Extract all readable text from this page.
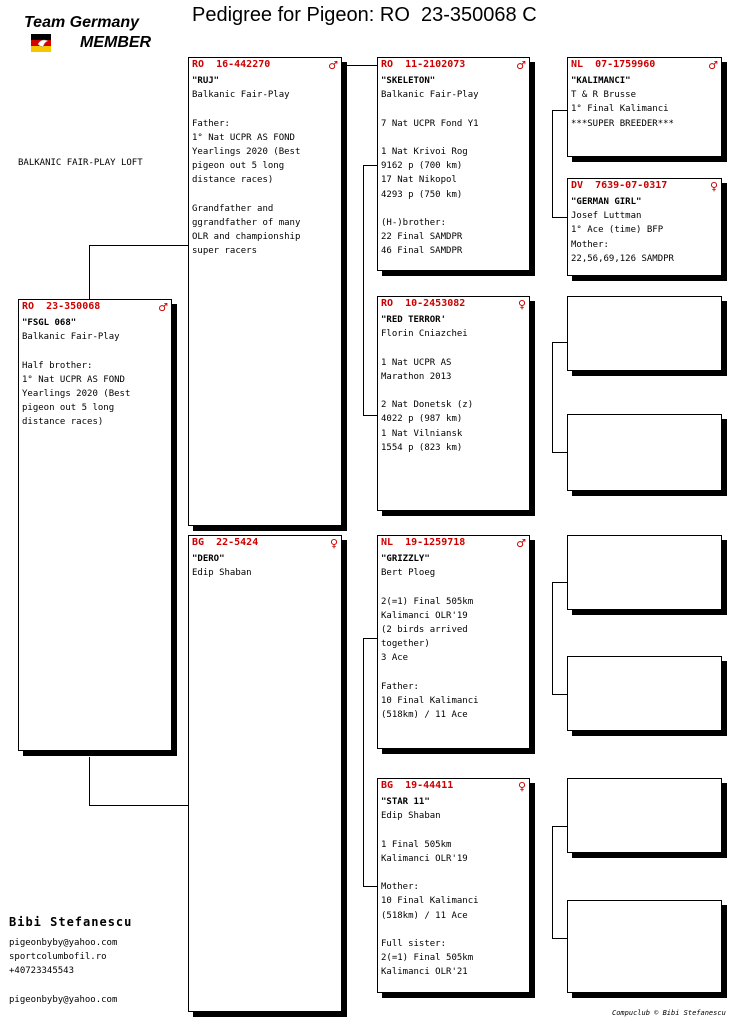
Team Germany
MEMBER
Pedigree for Pigeon: RO  23-350068 C
BALKANIC FAIR-PLAY LOFT
RO  23-350068	♂
"FSGL 068"
Balkanic Fair-Play

Half brother:
1° Nat UCPR AS FOND
Yearlings 2020 (Best
pigeon out 5 long
distance races)
RO  16-442270	♂
"RUJ"
Balkanic Fair-Play

Father:
1° Nat UCPR AS FOND
Yearlings 2020 (Best
pigeon out 5 long
distance races)

Grandfather and
ggrandfather of many
OLR and championship
super racers
BG  22-5424	♀
"DERO"
Edip Shaban
RO  11-2102073	♂
"SKELETON"
Balkanic Fair-Play

7 Nat UCPR Fond Y1

1 Nat Krivoi Rog
9162 p (700 km)
17 Nat Nikopol
4293 p (750 km)

(H-)brother:
22 Final SAMDPR
46 Final SAMDPR
RO  10-2453082	♀
"RED TERROR'
Florin Cniazchei

1 Nat UCPR AS
Marathon 2013

2 Nat Donetsk (z)
4022 p (987 km)
1 Nat Vilniansk
1554 p (823 km)
NL  19-1259718	♂
"GRIZZLY"
Bert Ploeg

2(=1) Final 505km
Kalimanci OLR'19
(2 birds arrived
together)
3 Ace

Father:
10 Final Kalimanci
(518km) / 11 Ace
BG  19-44411	♀
"STAR 11"
Edip Shaban

1 Final 505km
Kalimanci OLR'19

Mother:
10 Final Kalimanci
(518km) / 11 Ace

Full sister:
2(=1) Final 505km
Kalimanci OLR'21
NL  07-1759960	♂
"KALIMANCI"
T & R Brusse
1° Final Kalimanci
***SUPER BREEDER***
DV  7639-07-0317	♀
"GERMAN GIRL"
Josef Luttman
1° Ace (time) BFP
Mother:
22,56,69,126 SAMDPR
Bibi Stefanescu
pigeonbyby@yahoo.com
sportcolumbofil.ro
+40723345543
pigeonbyby@yahoo.com
Compuclub © Bibi Stefanescu
